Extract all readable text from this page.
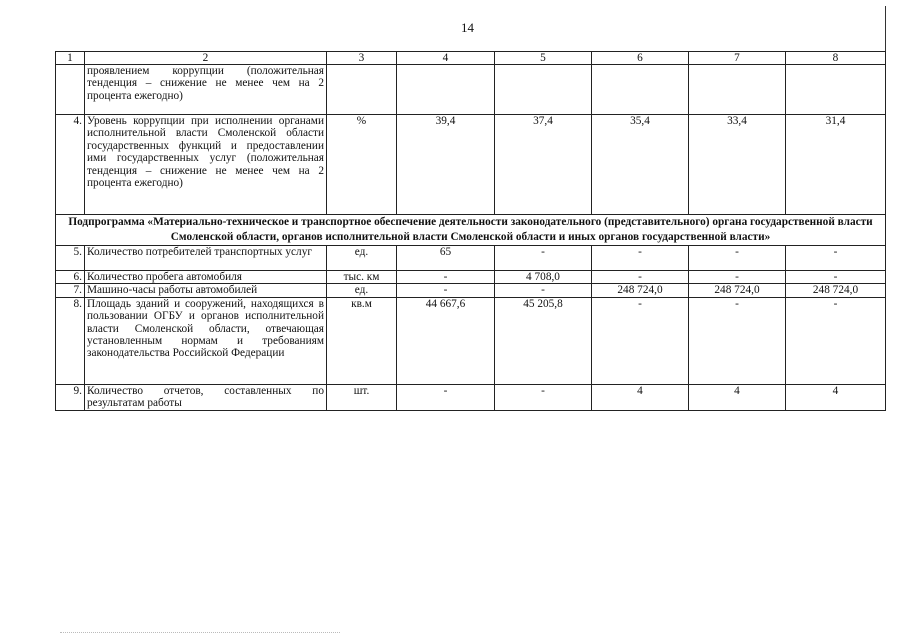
14
1	2	3	4	5	6	7	8
	проявлением коррупции (положительная тенденция – снижение не менее чем на 2 процента ежегодно)						
4.	Уровень коррупции при исполнении органами исполнительной власти Смоленской области государственных функций и предоставлении ими государственных услуг (положительная тенденция – снижение не менее чем на 2 процента ежегодно)	%	39,4	37,4	35,4	33,4	31,4
Подпрограмма «Материально-техническое и транспортное обеспечение деятельности законодательного (представительного) органа государственной власти Смоленской области, органов исполнительной власти Смоленской области и иных органов государственной власти»							
5.	Количество потребителей транспортных услуг	ед.	65	-	-	-	-
6.	Количество пробега автомобиля	тыс. км	-	4 708,0	-	-	-
7.	Машино-часы работы автомобилей	ед.	-	-	248 724,0	248 724,0	248 724,0
8.	Площадь зданий и сооружений, находящихся в пользовании ОГБУ и органов исполнительной власти Смоленской области, отвечающая установленным нормам и требованиям законодательства Российской Федерации	кв.м	44 667,6	45 205,8	-	-	-
9.	Количество отчетов, составленных по результатам работы	шт.	-	-	4	4	4
